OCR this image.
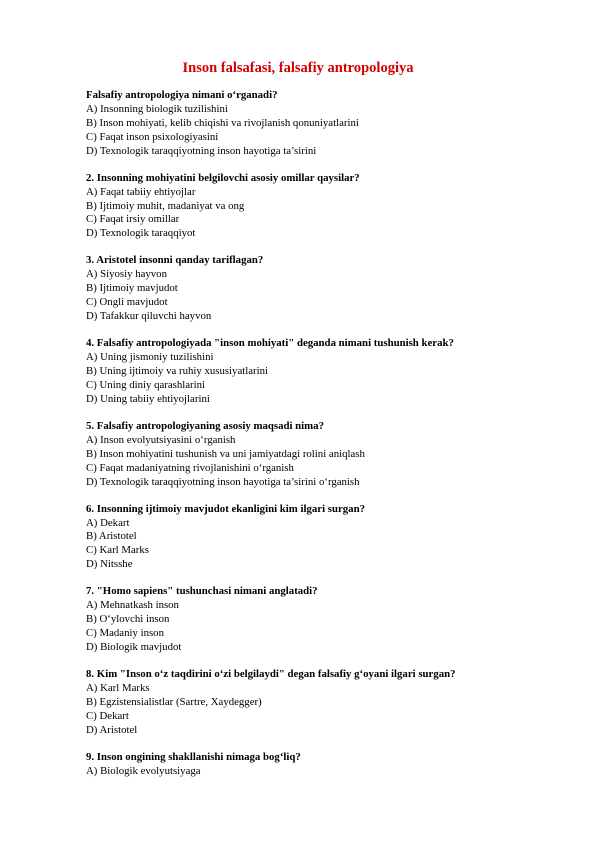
Inson falsafasi, falsafiy antropologiya
Falsafiy antropologiya nimani o‘rganadi?
A) Insonning biologik tuzilishini
B) Inson mohiyati, kelib chiqishi va rivojlanish qonuniyatlarini
C) Faqat inson psixologiyasini
D) Texnologik taraqqiyotning inson hayotiga ta’sirini
2. Insonning mohiyatini belgilovchi asosiy omillar qaysilar?
A) Faqat tabiiy ehtiyojlar
B) Ijtimoiy muhit, madaniyat va ong
C) Faqat irsiy omillar
D) Texnologik taraqqiyot
3. Aristotel insonni qanday tariflagan?
A) Siyosiy hayvon
B) Ijtimoiy mavjudot
C) Ongli mavjudot
D) Tafakkur qiluvchi hayvon
4. Falsafiy antropologiyada "inson mohiyati" deganda nimani tushunish kerak?
A) Uning jismoniy tuzilishini
B) Uning ijtimoiy va ruhiy xususiyatlarini
C) Uning diniy qarashlarini
D) Uning tabiiy ehtiyojlarini
5. Falsafiy antropologiyaning asosiy maqsadi nima?
A) Inson evolyutsiyasini o‘rganish
B) Inson mohiyatini tushunish va uni jamiyatdagi rolini aniqlash
C) Faqat madaniyatning rivojlanishini o‘rganish
D) Texnologik taraqqiyotning inson hayotiga ta’sirini o‘rganish
6. Insonning ijtimoiy mavjudot ekanligini kim ilgari surgan?
A) Dekart
B) Aristotel
C) Karl Marks
D) Nitsshe
7. "Homo sapiens" tushunchasi nimani anglatadi?
A) Mehnatkash inson
B) O‘ylovchi inson
C) Madaniy inson
D) Biologik mavjudot
8. Kim "Inson o‘z taqdirini o‘zi belgilaydi" degan falsafiy g‘oyani ilgari surgan?
A) Karl Marks
B) Egzistensialistlar (Sartre, Xaydegger)
C) Dekart
D) Aristotel
9. Inson ongining shakllanishi nimaga bog‘liq?
A) Biologik evolyutsiyaga
